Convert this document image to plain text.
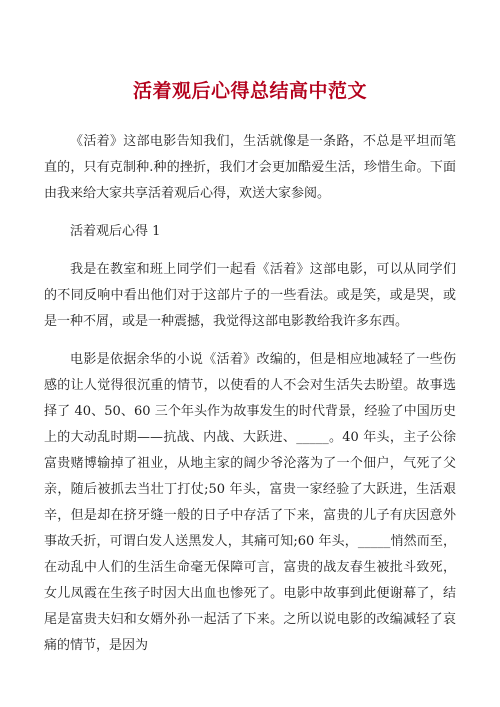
活着观后心得总结高中范文

《活着》这部电影告知我们，生活就像是一条路，不总是平坦而笔直的，只有克制种.种的挫折，我们才会更加酷爱生活，珍惜生命。下面由我来给大家共享活着观后心得，欢送大家参阅。

活着观后心得 1

我是在教室和班上同学们一起看《活着》这部电影，可以从同学们的不同反响中看出他们对于这部片子的一些看法。或是笑，或是哭，或是一种不屑，或是一种震撼，我觉得这部电影教给我许多东西。

电影是依据余华的小说《活着》改编的，但是相应地减轻了一些伤感的让人觉得很沉重的情节，以使看的人不会对生活失去盼望。故事选择了 40、50、60 三个年头作为故事发生的时代背景，经验了中国历史上的大动乱时期——抗战、内战、大跃进、_____。40 年头，主子公徐富贵赌博输掉了祖业，从地主家的阔少爷沦落为了一个佃户，气死了父亲，随后被抓去当壮丁打仗;50 年头，富贵一家经验了大跃进，生活艰辛，但是却在挤牙缝一般的日子中存活了下来，富贵的儿子有庆因意外事故夭折，可谓白发人送黑发人，其痛可知;60 年头，_____悄然而至，在动乱中人们的生活生命毫无保障可言，富贵的战友春生被批斗致死，女儿凤霞在生孩子时因大出血也惨死了。电影中故事到此便谢幕了，结尾是富贵夫妇和女婿外孙一起活了下来。之所以说电影的改编减轻了哀痛的情节，是因为
